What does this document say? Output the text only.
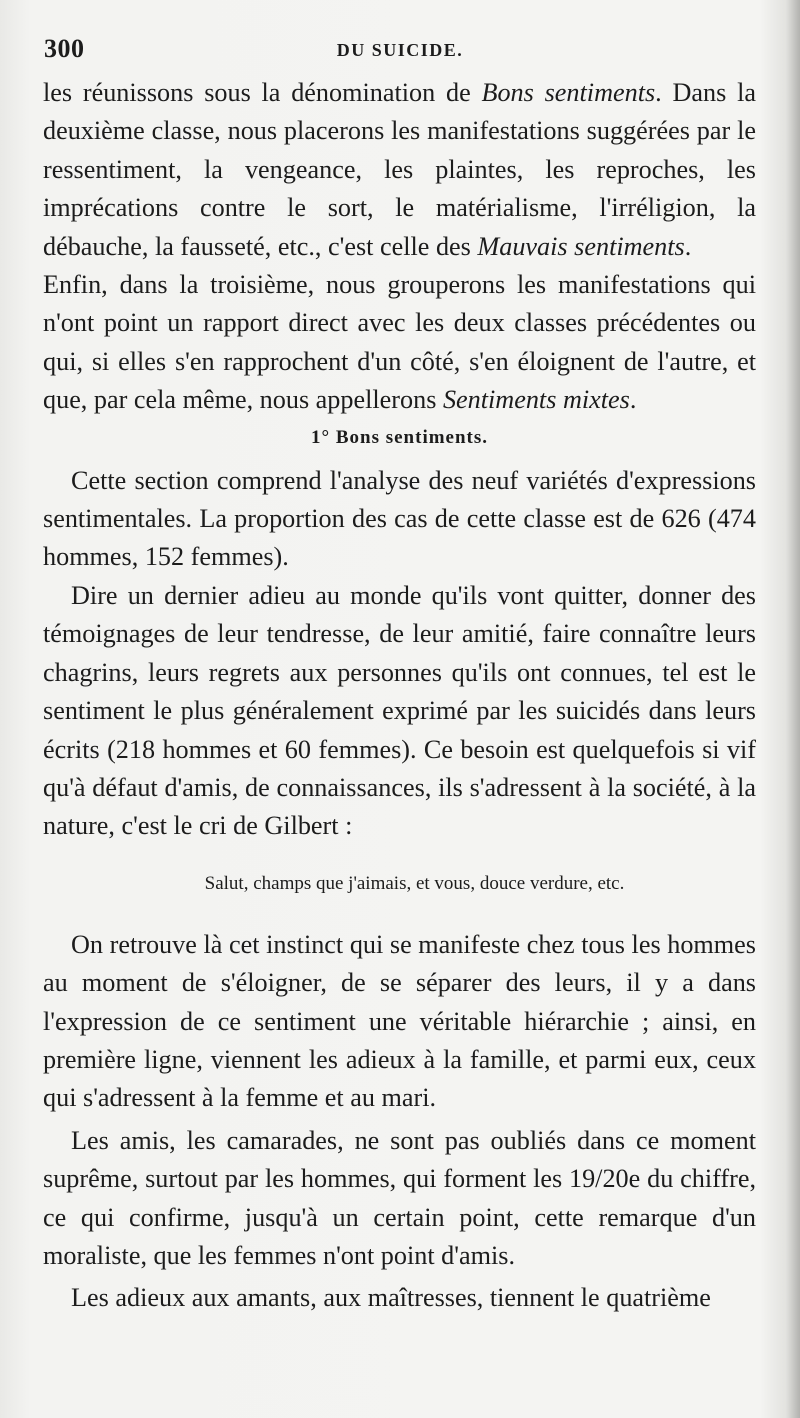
300	DU SUICIDE.

les réunissons sous la dénomination de Bons sentiments. Dans la deuxième classe, nous placerons les manifestations suggérées par le ressentiment, la vengeance, les plaintes, les reproches, les imprécations contre le sort, le matérialisme, l'irréligion, la débauche, la fausseté, etc., c'est celle des Mauvais sentiments.

Enfin, dans la troisième, nous grouperons les manifestations qui n'ont point un rapport direct avec les deux classes précédentes ou qui, si elles s'en rapprochent d'un côté, s'en éloignent de l'autre, et que, par cela même, nous appellerons Sentiments mixtes.

1° Bons sentiments.

Cette section comprend l'analyse des neuf variétés d'expressions sentimentales. La proportion des cas de cette classe est de 626 (474 hommes, 152 femmes).

Dire un dernier adieu au monde qu'ils vont quitter, donner des témoignages de leur tendresse, de leur amitié, faire connaître leurs chagrins, leurs regrets aux personnes qu'ils ont connues, tel est le sentiment le plus généralement exprimé par les suicidés dans leurs écrits (218 hommes et 60 femmes). Ce besoin est quelquefois si vif qu'à défaut d'amis, de connaissances, ils s'adressent à la société, à la nature, c'est le cri de Gilbert :

Salut, champs que j'aimais, et vous, douce verdure, etc.

On retrouve là cet instinct qui se manifeste chez tous les hommes au moment de s'éloigner, de se séparer des leurs, il y a dans l'expression de ce sentiment une véritable hiérarchie ; ainsi, en première ligne, viennent les adieux à la famille, et parmi eux, ceux qui s'adressent à la femme et au mari.

Les amis, les camarades, ne sont pas oubliés dans ce moment suprême, surtout par les hommes, qui forment les 19/20e du chiffre, ce qui confirme, jusqu'à un certain point, cette remarque d'un moraliste, que les femmes n'ont point d'amis.

Les adieux aux amants, aux maîtresses, tiennent le quatrième
